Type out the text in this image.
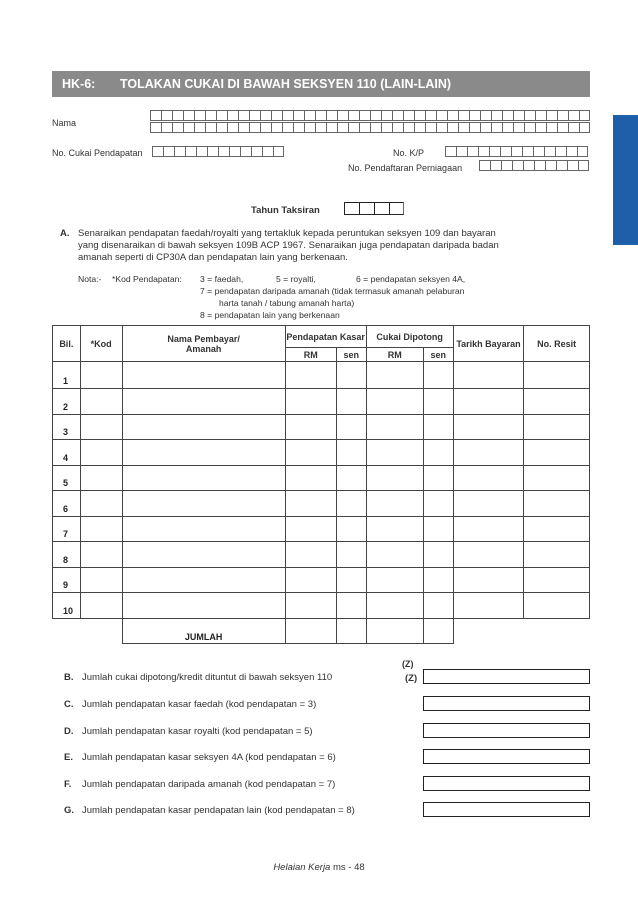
HK-6:	TOLAKAN CUKAI DI BAWAH SEKSYEN 110 (LAIN-LAIN)
Nama
No. Cukai Pendapatan	No. K/P
No. Pendaftaran Perniagaan
Tahun Taksiran
A. Senaraikan pendapatan faedah/royalti yang tertakluk kepada peruntukan seksyen 109 dan bayaran
yang disenaraikan di bawah seksyen 109B ACP 1967. Senaraikan juga pendapatan daripada badan
amanah seperti di CP30A dan pendapatan lain yang berkenaan.
Nota:- *Kod Pendapatan: 3 = faedah,	5 = royalti,	6 = pendapatan seksyen 4A,
7 = pendapatan daripada amanah (tidak termasuk amanah pelaburan
harta tanah / tabung amanah harta)
8 = pendapatan lain yang berkenaan
Bil.	*Kod	Nama Pembayar/ Amanah	Pendapatan Kasar		Cukai Dipotong		Tarikh Bayaran	No. Resit
			RM	sen	RM	sen		
1								
2								
3								
4								
5								
6								
7								
8								
9								
10								
		JUMLAH						
(Z)
B. Jumlah cukai dipotong/kredit dituntut di bawah seksyen 110	(Z)
C. Jumlah pendapatan kasar faedah (kod pendapatan = 3)
D. Jumlah pendapatan kasar royalti (kod pendapatan = 5)
E. Jumlah pendapatan kasar seksyen 4A (kod pendapatan = 6)
F. Jumlah pendapatan daripada amanah (kod pendapatan = 7)
G. Jumlah pendapatan kasar pendapatan lain (kod pendapatan = 8)
Helaian Kerja ms - 48
